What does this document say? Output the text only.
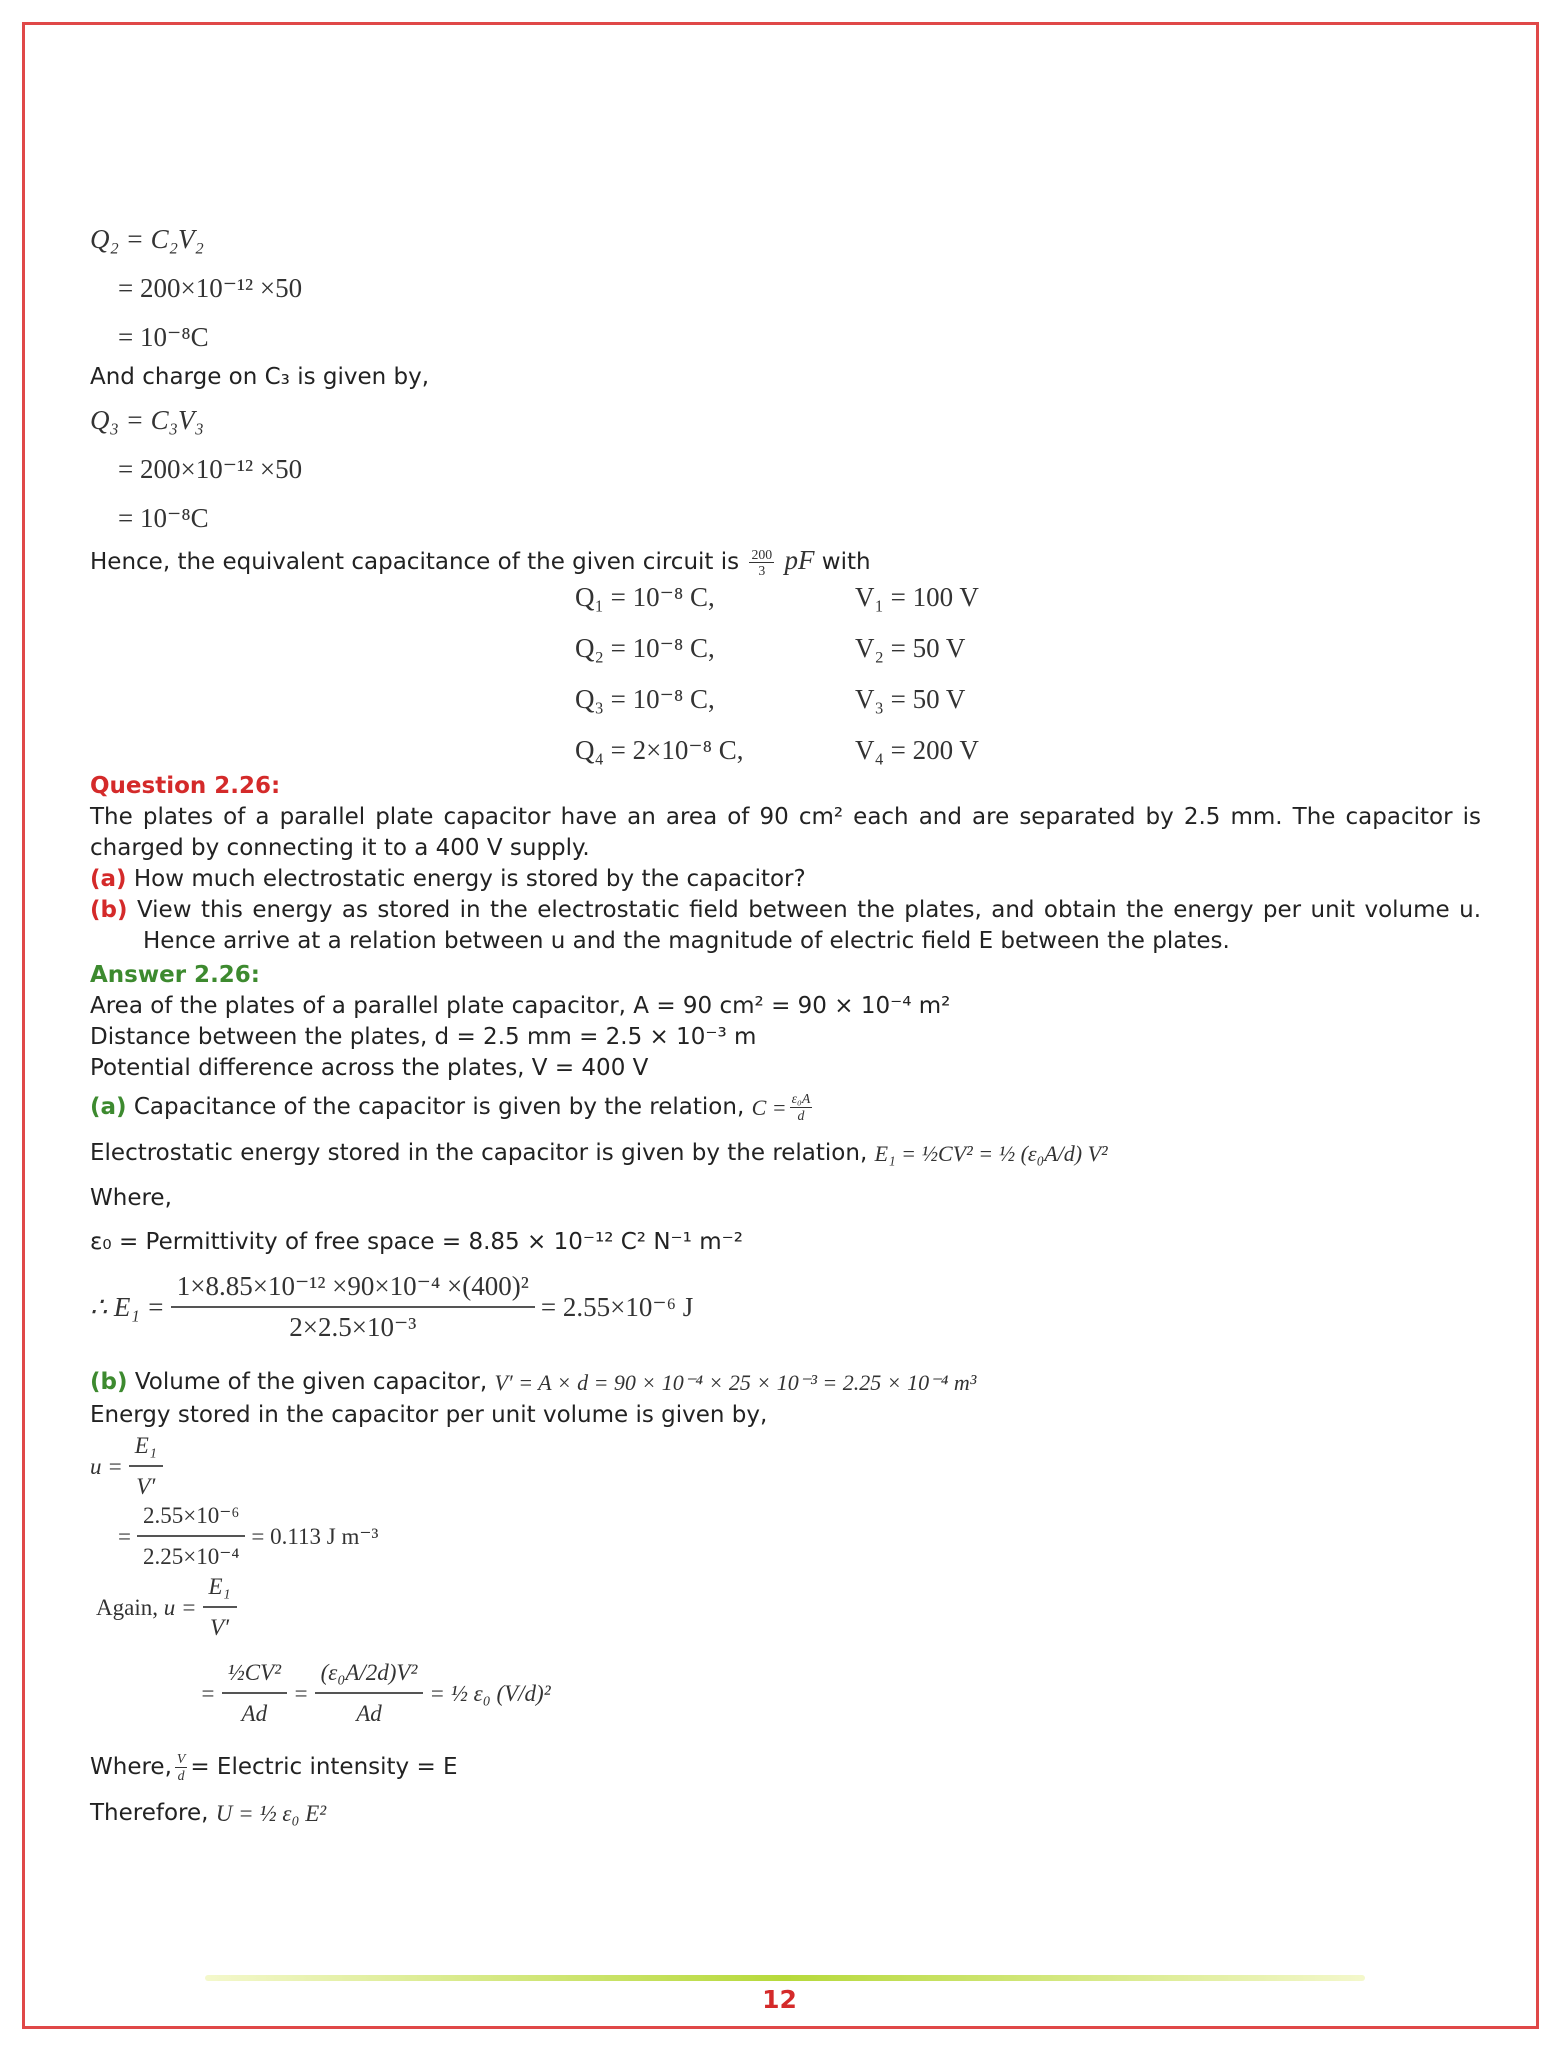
Q₂ = C₂V₂
= 200×10⁻¹² ×50
= 10⁻⁸C
And charge on C₃ is given by,
Q₃ = C₃V₃
= 200×10⁻¹² ×50
= 10⁻⁸C
Hence, the equivalent capacitance of the given circuit is $\frac{200}{3}$ pF with
Q₁ = 10⁻⁸ C,	V₁ = 100 V
Q₂ = 10⁻⁸ C,	V₂ = 50 V
Q₃ = 10⁻⁸ C,	V₃ = 50 V
Q₄ = 2×10⁻⁸ C,	V₄ = 200 V
Question 2.26:
The plates of a parallel plate capacitor have an area of 90 cm² each and are separated by 2.5 mm. The capacitor is charged by connecting it to a 400 V supply.
(a) How much electrostatic energy is stored by the capacitor?
(b) View this energy as stored in the electrostatic field between the plates, and obtain the energy per unit volume u. Hence arrive at a relation between u and the magnitude of electric field E between the plates.
Answer 2.26:
Area of the plates of a parallel plate capacitor, A = 90 cm² = 90 × 10⁻⁴ m²
Distance between the plates, d = 2.5 mm = 2.5 × 10⁻³ m
Potential difference across the plates, V = 400 V
(a)
Capacitance of the capacitor is given by the relation,
$C = \frac{\text{ε₀A}}{d}$
Electrostatic energy stored in the capacitor is given by the relation,
E₁ = ½CV² = ½ (ε₀A/d) V²
Where,
ε₀ = Permittivity of free space = 8.85 × 10⁻¹² C² N⁻¹ m⁻²
∴ $E_1 = \frac{\text{1×8.85×10⁻¹² ×90×10⁻⁴ ×(400)²}}{\text{2×2.5×10⁻³}} = 2.55\times 10^{-6}$ J
(b)
Volume of the given capacitor,
V′ = A × d = 90 × 10⁻⁴ × 25 × 10⁻³ = 2.25 × 10⁻⁴ m³
Energy stored in the capacitor per unit volume is given by,
$u = \frac{\text{E₁}}{V'}$
= $\frac{\text{2.55×10⁻⁶}}{\text{2.25×10⁻⁴}} = 0.113$ J m⁻³
Again,
$u = \frac{\text{E₁}}{V'}$
= $\frac{\text{½CV²}}{Ad} = \frac{\text{(ε₀A/2d)V²}}{Ad}$ = ½ ε₀ (V/d)²
Where, $\frac{V}{d}$ = Electric intensity = E
Therefore,
U = ½ ε₀ E²
12
